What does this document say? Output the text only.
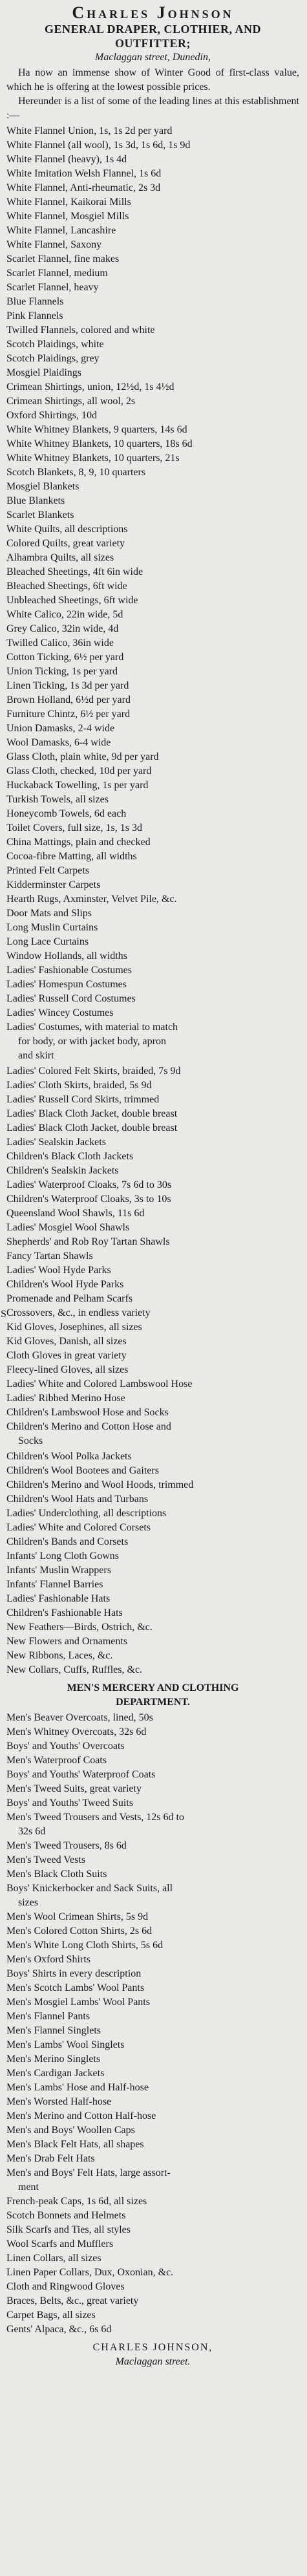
Charles Johnson
GENERAL DRAPER, CLOTHIER, AND
OUTFITTER;
Maclaggan street, Dunedin,
Ha now an immense show of Winter Good of first-class value, which he is offering at the lowest possible prices.
Hereunder is a list of some of the leading lines at this establishment :—
White Flannel Union, 1s, 1s 2d per yard
White Flannel (all wool), 1s 3d, 1s 6d, 1s 9d
White Flannel (heavy), 1s 4d
White Imitation Welsh Flannel, 1s 6d
White Flannel, Anti-rheumatic, 2s 3d
White Flannel, Kaikorai Mills
White Flannel, Mosgiel Mills
White Flannel, Lancashire
White Flannel, Saxony
Scarlet Flannel, fine makes
Scarlet Flannel, medium
Scarlet Flannel, heavy
Blue Flannels
Pink Flannels
Twilled Flannels, colored and white
Scotch Plaidings, white
Scotch Plaidings, grey
Mosgiel Plaidings
Crimean Shirtings, union, 12½d, 1s 4½d
Crimean Shirtings, all wool, 2s
Oxford Shirtings, 10d
White Whitney Blankets, 9 quarters, 14s 6d
White Whitney Blankets, 10 quarters, 18s 6d
White Whitney Blankets, 10 quarters, 21s
Scotch Blankets, 8, 9, 10 quarters
Mosgiel Blankets
Blue Blankets
Scarlet Blankets
White Quilts, all descriptions
Colored Quilts, great variety
Alhambra Quilts, all sizes
Bleached Sheetings, 4ft 6in wide
Bleached Sheetings, 6ft wide
Unbleached Sheetings, 6ft wide
White Calico, 22in wide, 5d
Grey Calico, 32in wide, 4d
Twilled Calico, 36in wide
Cotton Ticking, 6½ per yard
Union Ticking, 1s per yard
Linen Ticking, 1s 3d per yard
Brown Holland, 6½d per yard
Furniture Chintz, 6½ per yard
Union Damasks, 2-4 wide
Wool Damasks, 6-4 wide
Glass Cloth, plain white, 9d per yard
Glass Cloth, checked, 10d per yard
Huckaback Towelling, 1s per yard
Turkish Towels, all sizes
Honeycomb Towels, 6d each
Toilet Covers, full size, 1s, 1s 3d
China Mattings, plain and checked
Cocoa-fibre Matting, all widths
Printed Felt Carpets
Kidderminster Carpets
Hearth Rugs, Axminster, Velvet Pile, &c.
Door Mats and Slips
Long Muslin Curtains
Long Lace Curtains
Window Hollands, all widths
Ladies' Fashionable Costumes
Ladies' Homespun Costumes
Ladies' Russell Cord Costumes
Ladies' Wincey Costumes
Ladies' Costumes, with material to match
for body, or with jacket body, apron
and skirt
Ladies' Colored Felt Skirts, braided, 7s 9d
Ladies' Cloth Skirts, braided, 5s 9d
Ladies' Russell Cord Skirts, trimmed
Ladies' Black Cloth Jacket, double breast
Ladies' Black Cloth Jacket, double breast
Ladies' Sealskin Jackets
Children's Black Cloth Jackets
Children's Sealskin Jackets
Ladies' Waterproof Cloaks, 7s 6d to 30s
Children's Waterproof Cloaks, 3s to 10s
Queensland Wool Shawls, 11s 6d
Ladies' Mosgiel Wool Shawls
Shepherds' and Rob Roy Tartan Shawls
Fancy Tartan Shawls
Ladies' Wool Hyde Parks
Children's Wool Hyde Parks
Promenade and Pelham Scarfs
Crossovers, &c., in endless variety
Kid Gloves, Josephines, all sizes
Kid Gloves, Danish, all sizes
Cloth Gloves in great variety
Fleecy-lined Gloves, all sizes
Ladies' White and Colored Lambswool Hose
Ladies' Ribbed Merino Hose
Children's Lambswool Hose and Socks
Children's Merino and Cotton Hose and
Socks
Children's Wool Polka Jackets
Children's Wool Bootees and Gaiters
Children's Merino and Wool Hoods, trimmed
Children's Wool Hats and Turbans
Ladies' Underclothing, all descriptions
Ladies' White and Colored Corsets
Children's Bands and Corsets
Infants' Long Cloth Gowns
Infants' Muslin Wrappers
Infants' Flannel Barries
Ladies' Fashionable Hats
Children's Fashionable Hats
New Feathers—Birds, Ostrich, &c.
New Flowers and Ornaments
New Ribbons, Laces, &c.
New Collars, Cuffs, Ruffles, &c.
MEN'S MERCERY AND CLOTHING
DEPARTMENT.
Men's Beaver Overcoats, lined, 50s
Men's Whitney Overcoats, 32s 6d
Boys' and Youths' Overcoats
Men's Waterproof Coats
Boys' and Youths' Waterproof Coats
Men's Tweed Suits, great variety
Boys' and Youths' Tweed Suits
Men's Tweed Trousers and Vests, 12s 6d to
32s 6d
Men's Tweed Trousers, 8s 6d
Men's Tweed Vests
Men's Black Cloth Suits
Boys' Knickerbocker and Sack Suits, all
sizes
Men's Wool Crimean Shirts, 5s 9d
Men's Colored Cotton Shirts, 2s 6d
Men's White Long Cloth Shirts, 5s 6d
Men's Oxford Shirts
Boys' Shirts in every description
Men's Scotch Lambs' Wool Pants
Men's Mosgiel Lambs' Wool Pants
Men's Flannel Pants
Men's Flannel Singlets
Men's Lambs' Wool Singlets
Men's Merino Singlets
Men's Cardigan Jackets
Men's Lambs' Hose and Half-hose
Men's Worsted Half-hose
Men's Merino and Cotton Half-hose
Men's and Boys' Woollen Caps
Men's Black Felt Hats, all shapes
Men's Drab Felt Hats
Men's and Boys' Felt Hats, large assort-
ment
French-peak Caps, 1s 6d, all sizes
Scotch Bonnets and Helmets
Silk Scarfs and Ties, all styles
Wool Scarfs and Mufflers
Linen Collars, all sizes
Linen Paper Collars, Dux, Oxonian, &c.
Cloth and Ringwood Gloves
Braces, Belts, &c., great variety
Carpet Bags, all sizes
Gents' Alpaca, &c., 6s 6d
CHARLES JOHNSON,
Maclaggan street.
S
